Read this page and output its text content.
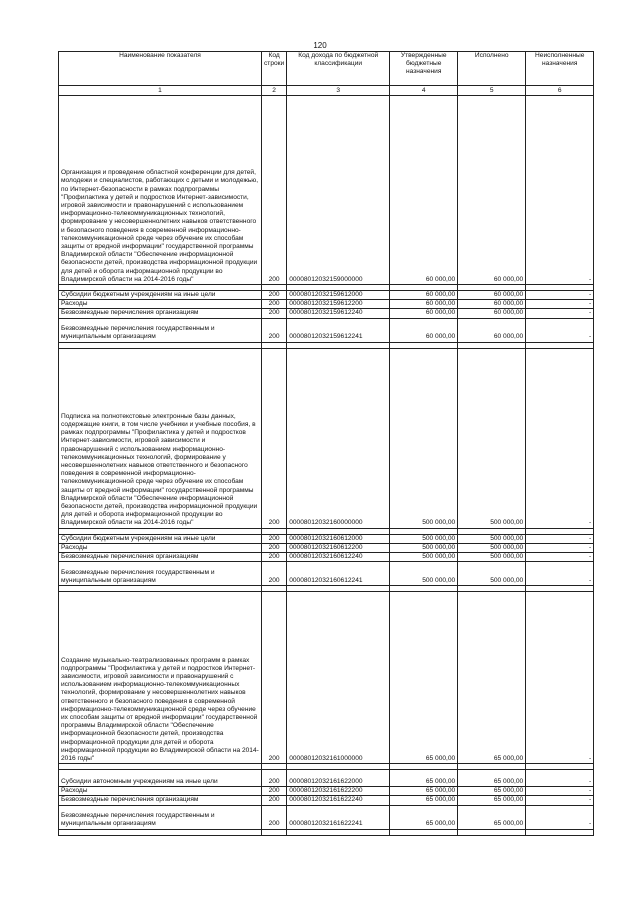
120
Наименование показателя	Код строки	Код дохода по бюджетной классификации	Утвержденные бюджетные назначения	Исполнено	Неисполненные назначения
1	2	3	4	5	6
Организация и проведение областной конференции для детей, молодежи и специалистов, работающих с детьми и молодежью, по Интернет-безопасности в рамках подпрограммы "Профилактика у детей и подростков Интернет-зависимости, игровой зависимости и правонарушений с использованием информационно-телекоммуникационных технологий, формирование у несовершеннолетних навыков ответственного и безопасного поведения в современной информационно-телекоммуникационной среде через обучение их способам защиты от вредной информации" государственной программы Владимирской области "Обеспечение информационной безопасности детей, производства информационной продукции для детей и оборота информационной продукции во Владимирской области на 2014-2016 годы"	200	00008012032159000000	60 000,00	60 000,00	-

Субсидии бюджетным учреждениям на иные цели	200	00008012032159612000	60 000,00	60 000,00	-
Расходы	200	00008012032159612200	60 000,00	60 000,00	-
Безвозмездные перечисления организациям	200	00008012032159612240	60 000,00	60 000,00	-
Безвозмездные перечисления государственным и муниципальным организациям	200	00008012032159612241	60 000,00	60 000,00	-

Подписка на полнотекстовые электронные базы данных, содержащие книги, в том числе учебники и учебные пособия, в рамках подпрограммы "Профилактика у детей и подростков Интернет-зависимости, игровой зависимости и правонарушений с использованием информационно-телекоммуникационных технологий, формирование у несовершеннолетних навыков ответственного и безопасного поведения в современной информационно-телекоммуникационной среде через обучение их способам защиты от вредной информации" государственной программы Владимирской области "Обеспечение информационной безопасности детей, производства информационной продукции для детей и оборота информационной продукции во Владимирской области на 2014-2016 годы"	200	00008012032160000000	500 000,00	500 000,00	-

Субсидии бюджетным учреждениям на иные цели	200	00008012032160612000	500 000,00	500 000,00	-
Расходы	200	00008012032160612200	500 000,00	500 000,00	-
Безвозмездные перечисления организациям	200	00008012032160612240	500 000,00	500 000,00	-
Безвозмездные перечисления государственным и муниципальным организациям	200	00008012032160612241	500 000,00	500 000,00	-

Создание музыкально-театрализованных программ в рамках подпрограммы "Профилактика у детей и подростков Интернет-зависимости, игровой зависимости и правонарушений с использованием информационно-телекоммуникационных технологий, формирование у несовершеннолетних навыков ответственного и безопасного поведения в современной информационно-телекоммуникационной среде через обучение их способам защиты от вредной информации" государственной программы Владимирской области "Обеспечение информационной безопасности детей, производства информационной продукции для детей и оборота информационной продукции во Владимирской области на 2014-2016 годы"	200	00008012032161000000	65 000,00	65 000,00	-

Субсидии автономным учреждениям на иные цели	200	00008012032161622000	65 000,00	65 000,00	-
Расходы	200	00008012032161622200	65 000,00	65 000,00	-
Безвозмездные перечисления организациям	200	00008012032161622240	65 000,00	65 000,00	-
Безвозмездные перечисления государственным и муниципальным организациям	200	00008012032161622241	65 000,00	65 000,00	-
